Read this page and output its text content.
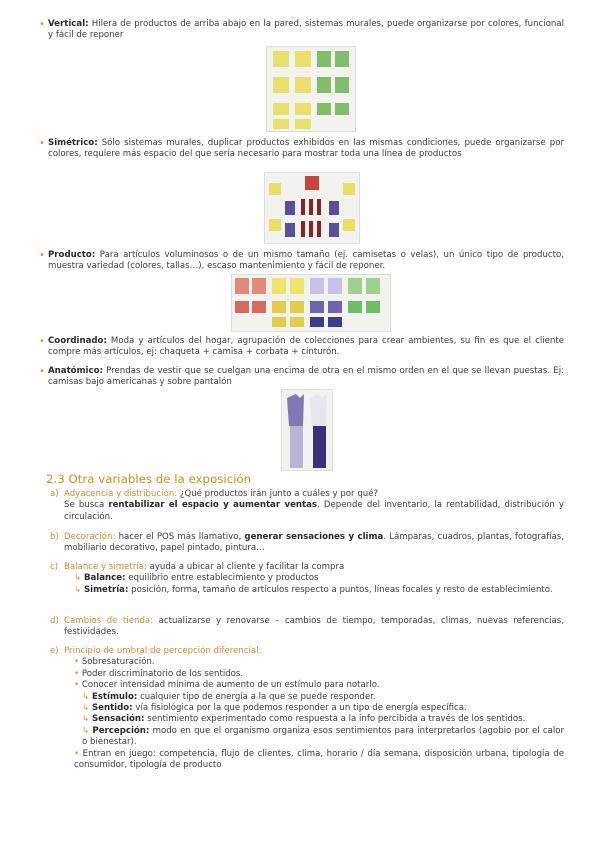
• Vertical: Hilera de productos de arriba abajo en la pared, sistemas murales, puede organizarse por colores, funcional y fácil de reponer
• Simétrico: Sólo sistemas murales, duplicar productos exhibidos en las mismas condiciones, puede organizarse por colores, requiere más espacio del que sería necesario para mostrar toda una línea de productos
• Producto: Para artículos voluminosos o de un mismo tamaño (ej. camisetas o velas), un único tipo de producto, muestra variedad (colores, tallas…), escaso mantenimiento y fácil de reponer.
• Coordinado: Moda y artículos del hogar, agrupación de colecciones para crear ambientes, su fin es que el cliente compre más artículos, ej: chaqueta + camisa + corbata + cinturón.
• Anatómico: Prendas de vestir que se cuelgan una encima de otra en el mismo orden en el que se llevan puestas. Ej: camisas bajo americanas y sobre pantalón
2.3 Otra variables de la exposición
a) Adyacencia y distribución: ¿Qué productos irán junto a cuáles y por qué?
Se busca rentabilizar el espacio y aumentar ventas. Depende del inventario, la rentabilidad, distribución y circulación.
b) Decoración: hacer el POS más llamativo, generar sensaciones y clima. Lámparas, cuadros, plantas, fotografías, mobiliario decorativo, papel pintado, pintura…
c) Balance y simetría: ayuda a ubicar al cliente y facilitar la compra
↳ Balance: equilibrio entre establecimiento y productos
↳ Simetría: posición, forma, tamaño de artículos respecto a puntos, líneas focales y resto de establecimiento.
d) Cambios de tienda: actualizarse y renovarse – cambios de tiempo, temporadas, climas, nuevas referencias, festividades.
e) Principio de umbral de percepción diferencial:
• Sobresaturación.
• Poder discriminatorio de los sentidos.
• Conocer intensidad mínima de aumento de un estímulo para notarlo.
↳ Estímulo: cualquier tipo de energía a la que se puede responder.
↳ Sentido: vía fisiológica por la que podemos responder a un tipo de energía específica.
↳ Sensación: sentimiento experimentado como respuesta a la info percibida a través de los sentidos.
↳ Percepción: modo en que el organismo organiza esos sentimientos para interpretarlos (agobio por el calor o bienestar).
• Entran en juego: competencia, flujo de clientes, clima, horario / día semana, disposición urbana, tipología de consumidor, tipología de producto
